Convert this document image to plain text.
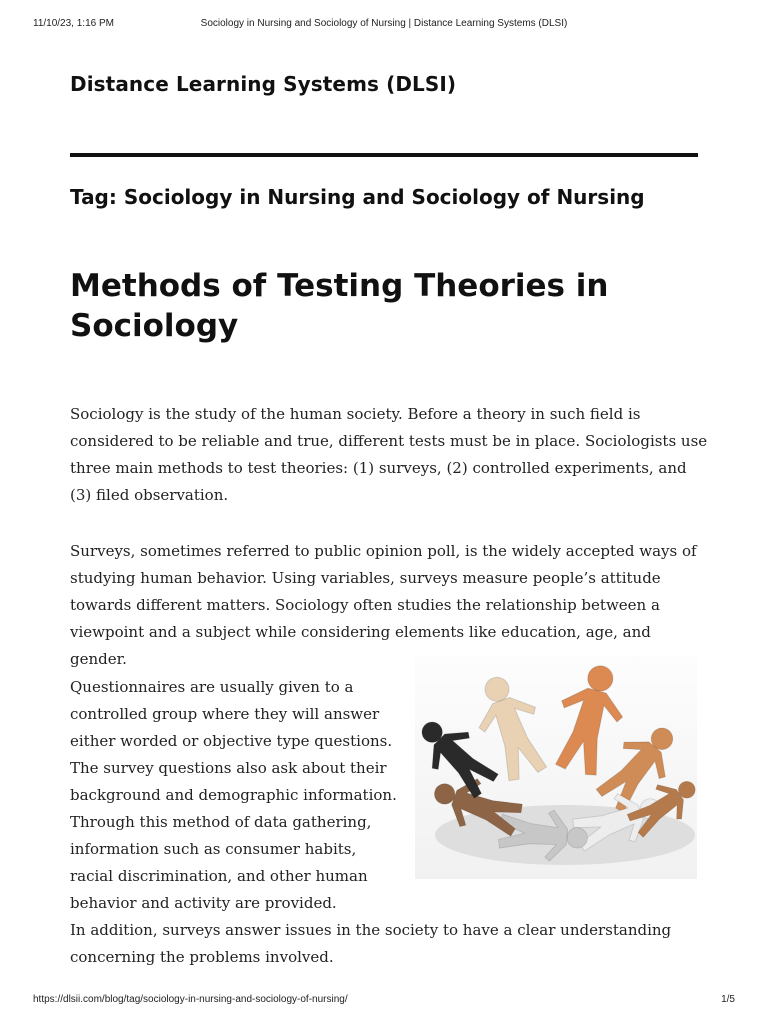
11/10/23, 1:16 PM	Sociology in Nursing and Sociology of Nursing | Distance Learning Systems (DLSI)
Distance Learning Systems (DLSI)
Tag: Sociology in Nursing and Sociology of Nursing
Methods of Testing Theories in Sociology

Sociology is the study of the human society. Before a theory in such field is considered to be reliable and true, different tests must be in place. Sociologists use three main methods to test theories: (1) surveys, (2) controlled experiments, and (3) filed observation.

Surveys, sometimes referred to public opinion poll, is the widely accepted ways of studying human behavior. Using variables, surveys measure people’s attitude towards different matters. Sociology often studies the relationship between a viewpoint and a subject while considering elements like education, age, and gender.

Questionnaires are usually given to a controlled group where they will answer either worded or objective type questions. The survey questions also ask about their background and demographic information. Through this method of data gathering, information such as consumer habits, racial discrimination, and other human behavior and activity are provided.

In addition, surveys answer issues in the society to have a clear understanding concerning the problems involved.

https://dlsii.com/blog/tag/sociology-in-nursing-and-sociology-of-nursing/	1/5
